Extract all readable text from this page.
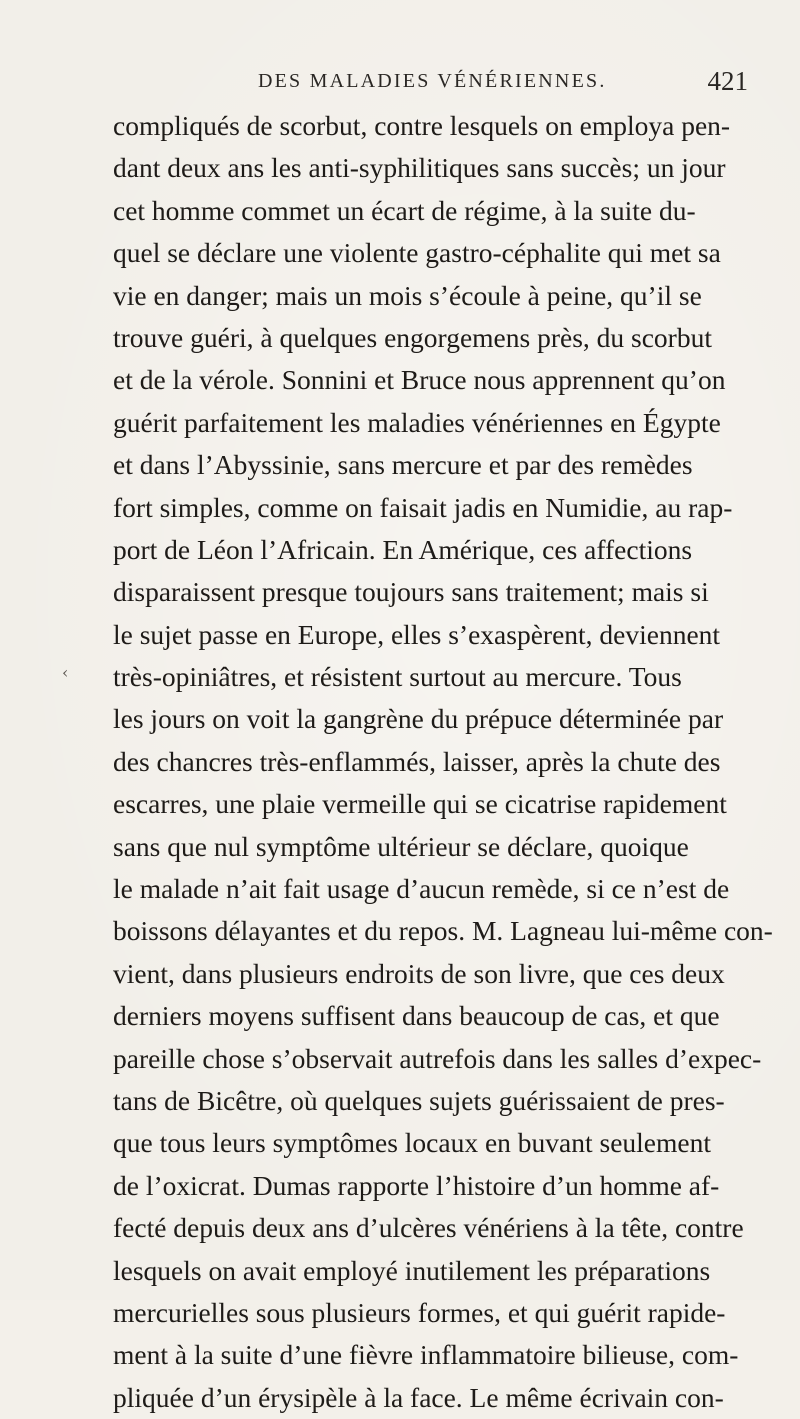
DES MALADIES VÉNÉRIENNES.	421
‹
compliqués de scorbut, contre lesquels on employa pen-
dant deux ans les anti-syphilitiques sans succès; un jour
cet homme commet un écart de régime, à la suite du-
quel se déclare une violente gastro-céphalite qui met sa
vie en danger; mais un mois s’écoule à peine, qu’il se
trouve guéri, à quelques engorgemens près, du scorbut
et de la vérole. Sonnini et Bruce nous apprennent qu’on
guérit parfaitement les maladies vénériennes en Égypte
et dans l’Abyssinie, sans mercure et par des remèdes
fort simples, comme on faisait jadis en Numidie, au rap-
port de Léon l’Africain. En Amérique, ces affections
disparaissent presque toujours sans traitement; mais si
le sujet passe en Europe, elles s’exaspèrent, deviennent
très-opiniâtres, et résistent surtout au mercure. Tous
les jours on voit la gangrène du prépuce déterminée par
des chancres très-enflammés, laisser, après la chute des
escarres, une plaie vermeille qui se cicatrise rapidement
sans que nul symptôme ultérieur se déclare, quoique
le malade n’ait fait usage d’aucun remède, si ce n’est de
boissons délayantes et du repos. M. Lagneau lui-même con-
vient, dans plusieurs endroits de son livre, que ces deux
derniers moyens suffisent dans beaucoup de cas, et que
pareille chose s’observait autrefois dans les salles d’expec-
tans de Bicêtre, où quelques sujets guérissaient de pres-
que tous leurs symptômes locaux en buvant seulement
de l’oxicrat. Dumas rapporte l’histoire d’un homme af-
fecté depuis deux ans d’ulcères vénériens à la tête, contre
lesquels on avait employé inutilement les préparations
mercurielles sous plusieurs formes, et qui guérit rapide-
ment à la suite d’une fièvre inflammatoire bilieuse, com-
pliquée d’un érysipèle à la face. Le même écrivain con-
